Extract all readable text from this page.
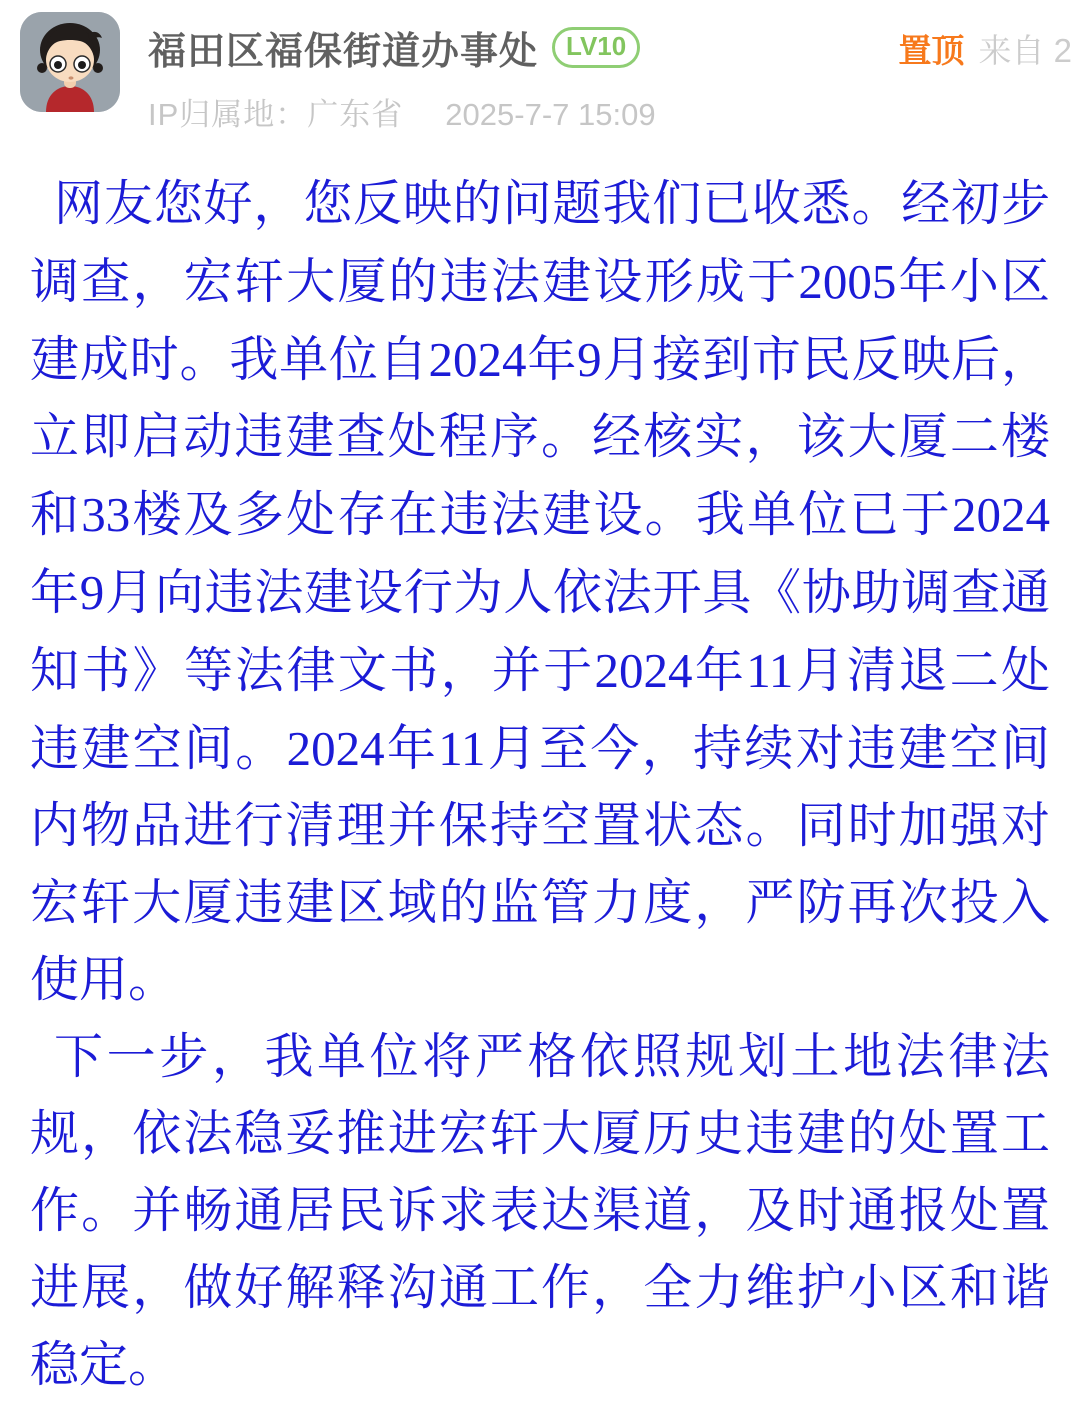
福田区福保街道办事处	LV10	置顶 来自 2
IP归属地：广东省 2025-7-7 15:09

网友您好，您反映的问题我们已收悉。经初步调查，宏轩大厦的违法建设形成于2005年小区建成时。我单位自2024年9月接到市民反映后，立即启动违建查处程序。经核实，该大厦二楼和33楼及多处存在违法建设。我单位已于2024年9月向违法建设行为人依法开具《协助调查通知书》等法律文书，并于2024年11月清退二处违建空间。2024年11月至今，持续对违建空间内物品进行清理并保持空置状态。同时加强对宏轩大厦违建区域的监管力度，严防再次投入使用。

下一步，我单位将严格依照规划土地法律法规，依法稳妥推进宏轩大厦历史违建的处置工作。并畅通居民诉求表达渠道，及时通报处置进展，做好解释沟通工作，全力维护小区和谐稳定。
